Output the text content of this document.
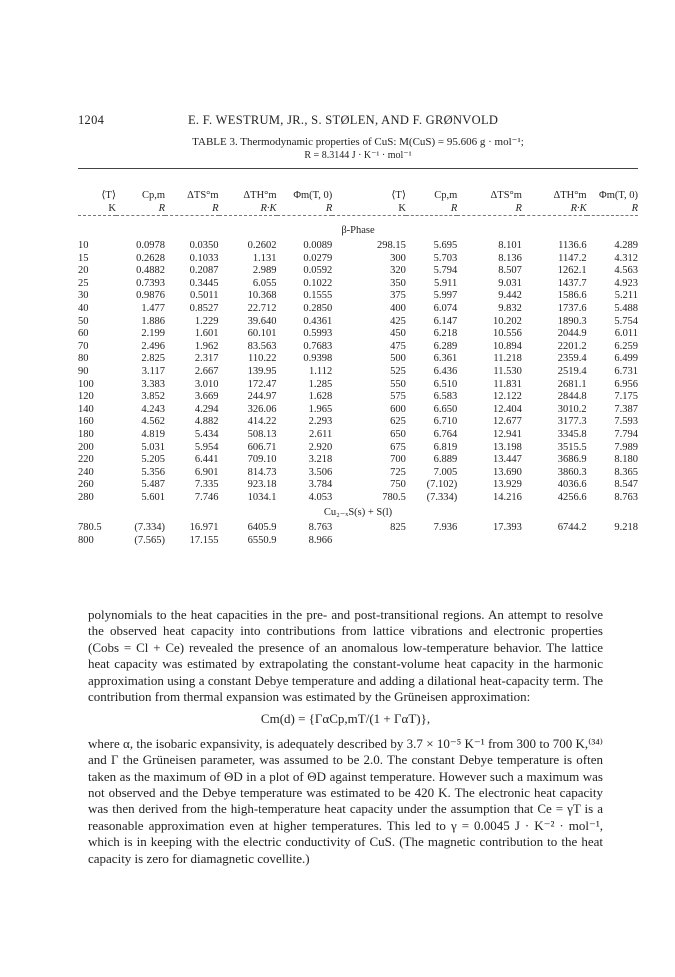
1204	E. F. WESTRUM, JR., S. STØLEN, AND F. GRØNVOLD
TABLE 3. Thermodynamic properties of CuS: M(CuS) = 95.606 g · mol⁻¹;
R = 8.3144 J · K⁻¹ · mol⁻¹

⟨T⟩	Cp,m	ΔTS°m	ΔTH°m	Φm(T, 0)	⟨T⟩	Cp,m	ΔTS°m	ΔTH°m	Φm(T, 0)
K	R	R	R·K	R	K	R	R	R·K	R

β-Phase									
10	0.0978	0.0350	0.2602	0.0089	298.15	5.695	8.101	1136.6	4.289
15	0.2628	0.1033	1.131	0.0279	300	5.703	8.136	1147.2	4.312
20	0.4882	0.2087	2.989	0.0592	320	5.794	8.507	1262.1	4.563
25	0.7393	0.3445	6.055	0.1022	350	5.911	9.031	1437.7	4.923
30	0.9876	0.5011	10.368	0.1555	375	5.997	9.442	1586.6	5.211
40	1.477	0.8527	22.712	0.2850	400	6.074	9.832	1737.6	5.488
50	1.886	1.229	39.640	0.4361	425	6.147	10.202	1890.3	5.754
60	2.199	1.601	60.101	0.5993	450	6.218	10.556	2044.9	6.011
70	2.496	1.962	83.563	0.7683	475	6.289	10.894	2201.2	6.259
80	2.825	2.317	110.22	0.9398	500	6.361	11.218	2359.4	6.499
90	3.117	2.667	139.95	1.112	525	6.436	11.530	2519.4	6.731
100	3.383	3.010	172.47	1.285	550	6.510	11.831	2681.1	6.956
120	3.852	3.669	244.97	1.628	575	6.583	12.122	2844.8	7.175
140	4.243	4.294	326.06	1.965	600	6.650	12.404	3010.2	7.387
160	4.562	4.882	414.22	2.293	625	6.710	12.677	3177.3	7.593
180	4.819	5.434	508.13	2.611	650	6.764	12.941	3345.8	7.794
200	5.031	5.954	606.71	2.920	675	6.819	13.198	3515.5	7.989
220	5.205	6.441	709.10	3.218	700	6.889	13.447	3686.9	8.180
240	5.356	6.901	814.73	3.506	725	7.005	13.690	3860.3	8.365
260	5.487	7.335	923.18	3.784	750	(7.102)	13.929	4036.6	8.547
280	5.601	7.746	1034.1	4.053	780.5	(7.334)	14.216	4256.6	8.763
Cu₂₋ₓS(s) + S(l)									
780.5	(7.334)	16.971	6405.9	8.763	825	7.936	17.393	6744.2	9.218
800	(7.565)	17.155	6550.9	8.966					

polynomials to the heat capacities in the pre- and post-transitional regions. An attempt to resolve the observed heat capacity into contributions from lattice vibrations and electronic properties (Cobs = Cl + Ce) revealed the presence of an anomalous low-temperature behavior. The lattice heat capacity was estimated by extrapolating the constant-volume heat capacity in the harmonic approximation using a constant Debye temperature and adding a dilational heat-capacity term. The contribution from thermal expansion was estimated by the Grüneisen approximation:

Cm(d) = {ΓαCp,mT/(1 + ΓαT)},

where α, the isobaric expansivity, is adequately described by 3.7 × 10⁻⁵ K⁻¹ from 300 to 700 K,⁽³⁴⁾ and Γ the Grüneisen parameter, was assumed to be 2.0. The constant Debye temperature is often taken as the maximum of ΘD in a plot of ΘD against temperature. However such a maximum was not observed and the Debye temperature was estimated to be 420 K. The electronic heat capacity was then derived from the high-temperature heat capacity under the assumption that Ce = γT is a reasonable approximation even at higher temperatures. This led to γ = 0.0045 J · K⁻² · mol⁻¹, which is in keeping with the electric conductivity of CuS. (The magnetic contribution to the heat capacity is zero for diamagnetic covellite.)
